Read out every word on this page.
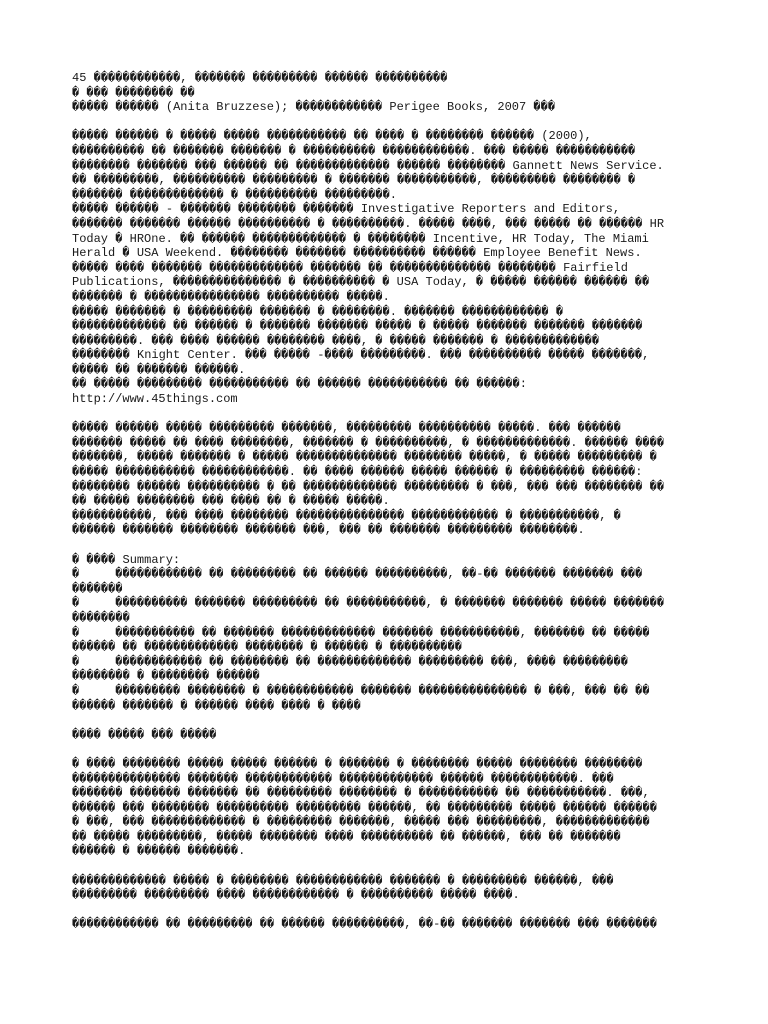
45 ������������, ������� ��������� ������ ����������
� ��� �������� ��
����� ������ (Anita Bruzzese); ������������ Perigee Books, 2007 ���
����� ������ � ����� ����� ����������� �� ���� � �������� ������ (2000),
���������� �� ������� ������� � ���������� ������������. ��� ����� �����������
�������� ������� ��� ������ �� ������������� ������ �������� Gannett News Service.
�� ���������, ���������� ��������� � ������� �����������, ��������� �������� �
������� ������������� � ���������� ���������.
����� ������ - ������� �������� ������� Investigative Reporters and Editors,
������� ������� ������ ���������� � ����������. ����� ����, ��� ����� �� ������ HR
Today � HROne. �� ������ ������������� � �������� Incentive, HR Today, The Miami
Herald � USA Weekend. �������� ������� ���������� ������ Employee Benefit News.
����� ���� ������� ������������� ������� �� �������������� �������� Fairfield
Publications, ��������������� � ���������� � USA Today, � ����� ������ ������ ��
������� � ���������������� ���������� �����.
����� ������� � ��������� ������� � ��������. ������� ������������ �
������������� �� ������ � ������� ������� ����� � ����� ������� ������� �������
���������. ��� ���� ������ �������� ����, � ����� ������� � �������������
�������� Knight Center. ��� ����� -���� ���������. ��� ���������� ����� �������,
����� �� ������� ������.
�� ����� ��������� ����������� �� ������ ����������� �� ������:
http://www.45things.com
����� ������ ����� ��������� �������, ��������� ���������� �����. ��� ������
������� ����� �� ���� ��������, ������� � ����������, � �������������. ������ ����
�������, ����� ������� � ����� �������������� �������� �����, � ����� ��������� �
����� ����������� ������������. �� ���� ������ ����� ������ � ��������� ������:
�������� ������ ���������� � �� ������������� ��������� � ���, ��� ��� �������� ��
�� ����� �������� ��� ���� �� � ����� �����.
�����������, ��� ���� �������� ��������������� ������������ � �����������, �
������ ������� �������� ������� ���, ��� �� ������� ��������� ��������.
� ���� Summary:
�     ������������ �� ��������� �� ������ ����������, ��-�� ������� ������� ���
�������
�     ���������� ������� ��������� �� �����������, � ������� ������� ����� �������
��������
�     ����������� �� ������� ������������� ������� �����������, ������� �� �����
������ �� ������������� �������� � ������ � ����������
�     ������������ �� �������� �� ������������� ��������� ���, ���� ���������
�������� � �������� ������
�     ��������� �������� � ������������ ������� ��������������� � ���, ��� �� ��
������ ������� � ������ ���� ���� � ����
���� ����� ��� �����
� ���� �������� ����� ����� ������ � ������� � �������� ����� �������� ��������
��������������� ������� ������������ ������������� ������ ������������. ���
������� ������� ������� �� ��������� �������� � ����������� �� �����������. ���,
������ ��� �������� ���������� ��������� ������, �� ��������� ����� ������ ������
� ���, ��� ������������� � ��������� �������, ����� ��� ���������, �������������
�� ����� ���������, ����� �������� ���� ���������� �� ������, ��� �� �������
������ � ������ �������.
������������� ����� � �������� ������������ ������� � ��������� ������, ���
��������� ��������� ���� ������������ � ���������� ����� ����.
������������ �� ��������� �� ������ ����������, ��-�� ������� ������� ��� �������
